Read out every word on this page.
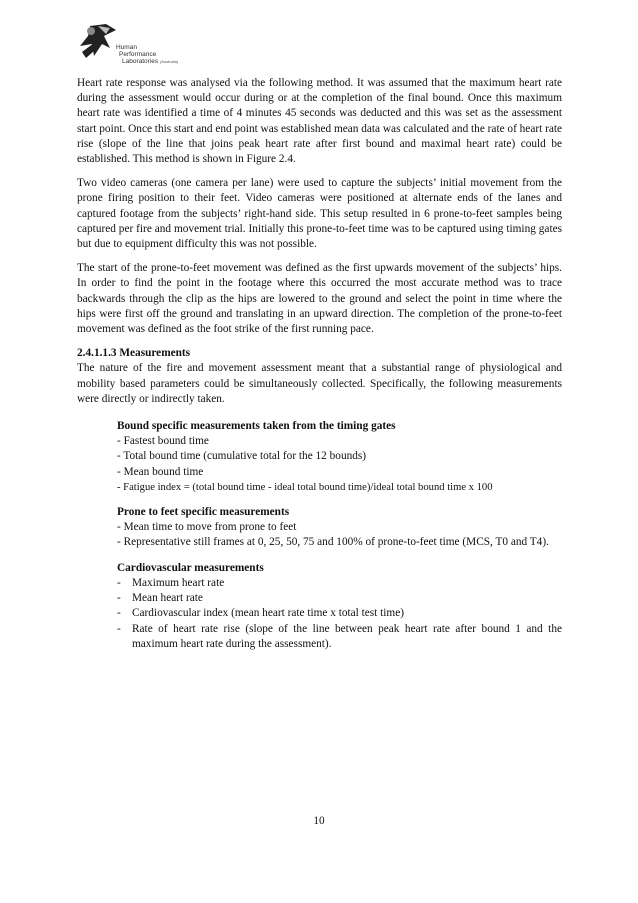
Human
Performance
Laboratories (Australia)

Heart rate response was analysed via the following method. It was assumed that the maximum heart rate during the assessment would occur during or at the completion of the final bound. Once this maximum heart rate was identified a time of 4 minutes 45 seconds was deducted and this was set as the assessment start point. Once this start and end point was established mean data was calculated and the rate of heart rate rise (slope of the line that joins peak heart rate after first bound and maximal heart rate) could be established. This method is shown in Figure 2.4.

Two video cameras (one camera per lane) were used to capture the subjects’ initial movement from the prone firing position to their feet. Video cameras were positioned at alternate ends of the lanes and captured footage from the subjects’ right-hand side. This setup resulted in 6 prone-to-feet samples being captured per fire and movement trial. Initially this prone-to-feet time was to be captured using timing gates but due to equipment difficulty this was not possible.

The start of the prone-to-feet movement was defined as the first upwards movement of the subjects’ hips. In order to find the point in the footage where this occurred the most accurate method was to trace backwards through the clip as the hips are lowered to the ground and select the point in time where the hips were first off the ground and translating in an upward direction. The completion of the prone-to-feet movement was defined as the foot strike of the first running pace.

2.4.1.1.3 Measurements

The nature of the fire and movement assessment meant that a substantial range of physiological and mobility based parameters could be simultaneously collected. Specifically, the following measurements were directly or indirectly taken.

Bound specific measurements taken from the timing gates

- Fastest bound time

- Total bound time (cumulative total for the 12 bounds)

- Mean bound time

- Fatigue index = (total bound time - ideal total bound time)/ideal total bound time x 100

Prone to feet specific measurements

- Mean time to move from prone to feet

- Representative still frames at 0, 25, 50, 75 and 100% of prone-to-feet time (MCS, T0 and T4).

Cardiovascular measurements

- Maximum heart rate
- Mean heart rate
- Cardiovascular index (mean heart rate time x total test time)
- Rate of heart rate rise (slope of the line between peak heart rate after bound 1 and the maximum heart rate during the assessment).
10
